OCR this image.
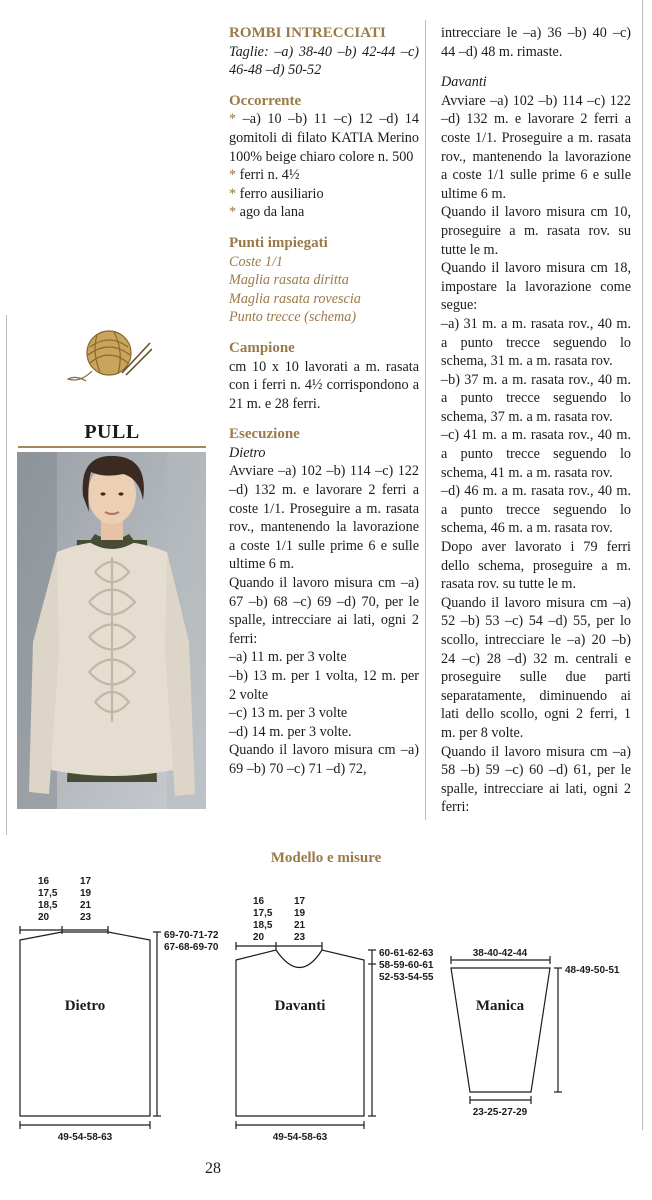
PULL

ROMBI INTRECCIATI

Taglie: –a) 38-40 –b) 42-44 –c) 46-48 –d) 50-52

Occorrente

* –a) 10 –b) 11 –c) 12 –d) 14 gomitoli di filato KATIA Merino 100% beige chiaro colore n. 500

* ferri n. 4½

* ferro ausiliario

* ago da lana

Punti impiegati

Coste 1/1

Maglia rasata diritta

Maglia rasata rovescia

Punto trecce (schema)

Campione

cm 10 x 10 lavorati a m. rasata con i ferri n. 4½ corrispondono a 21 m. e 28 ferri.

Esecuzione

Dietro

Avviare –a) 102 –b) 114 –c) 122 –d) 132 m. e lavorare 2 ferri a coste 1/1. Proseguire a m. rasata rov., mantenendo la lavorazione a coste 1/1 sulle prime 6 e sulle ultime 6 m.

Quando il lavoro misura cm –a) 67 –b) 68 –c) 69 –d) 70, per le spalle, intrecciare ai lati, ogni 2 ferri:

–a) 11 m. per 3 volte

–b) 13 m. per 1 volta, 12 m. per 2 volte

–c) 13 m. per 3 volte

–d) 14 m. per 3 volte.

Quando il lavoro misura cm –a) 69 –b) 70 –c) 71 –d) 72,

intrecciare le –a) 36 –b) 40 –c) 44 –d) 48 m. rimaste.

Davanti

Avviare –a) 102 –b) 114 –c) 122 –d) 132 m. e lavorare 2 ferri a coste 1/1. Proseguire a m. rasata rov., mantenendo la lavorazione a coste 1/1 sulle prime 6 e sulle ultime 6 m.

Quando il lavoro misura cm 10, proseguire a m. rasata rov. su tutte le m.

Quando il lavoro misura cm 18, impostare la lavorazione come segue:

–a) 31 m. a m. rasata rov., 40 m. a punto trecce seguendo lo schema, 31 m. a m. rasata rov.

–b) 37 m. a m. rasata rov., 40 m. a punto trecce seguendo lo schema, 37 m. a m. rasata rov.

–c) 41 m. a m. rasata rov., 40 m. a punto trecce seguendo lo schema, 41 m. a m. rasata rov.

–d) 46 m. a m. rasata rov., 40 m. a punto trecce seguendo lo schema, 46 m. a m. rasata rov.

Dopo aver lavorato i 79 ferri dello schema, proseguire a m. rasata rov. su tutte le m.

Quando il lavoro misura cm –a) 52 –b) 53 –c) 54 –d) 55, per lo scollo, intrecciare le –a) 20 –b) 24 –c) 28 –d) 32 m. centrali e proseguire sulle due parti separatamente, diminuendo ai lati dello scollo, ogni 2 ferri, 1 m. per 8 volte.

Quando il lavoro misura cm –a) 58 –b) 59 –c) 60 –d) 61, per le spalle, intrecciare ai lati, ogni 2 ferri:

Modello e misure
16
17,5
18,5
20
17
19
21
23
69-70-71-72
67-68-69-70
Dietro
49-54-58-63
16
17,5
18,5
20
17
19
21
23
60-61-62-63
58-59-60-61
52-53-54-55
Davanti
49-54-58-63
38-40-42-44
48-49-50-51
Manica
23-25-27-29
28
